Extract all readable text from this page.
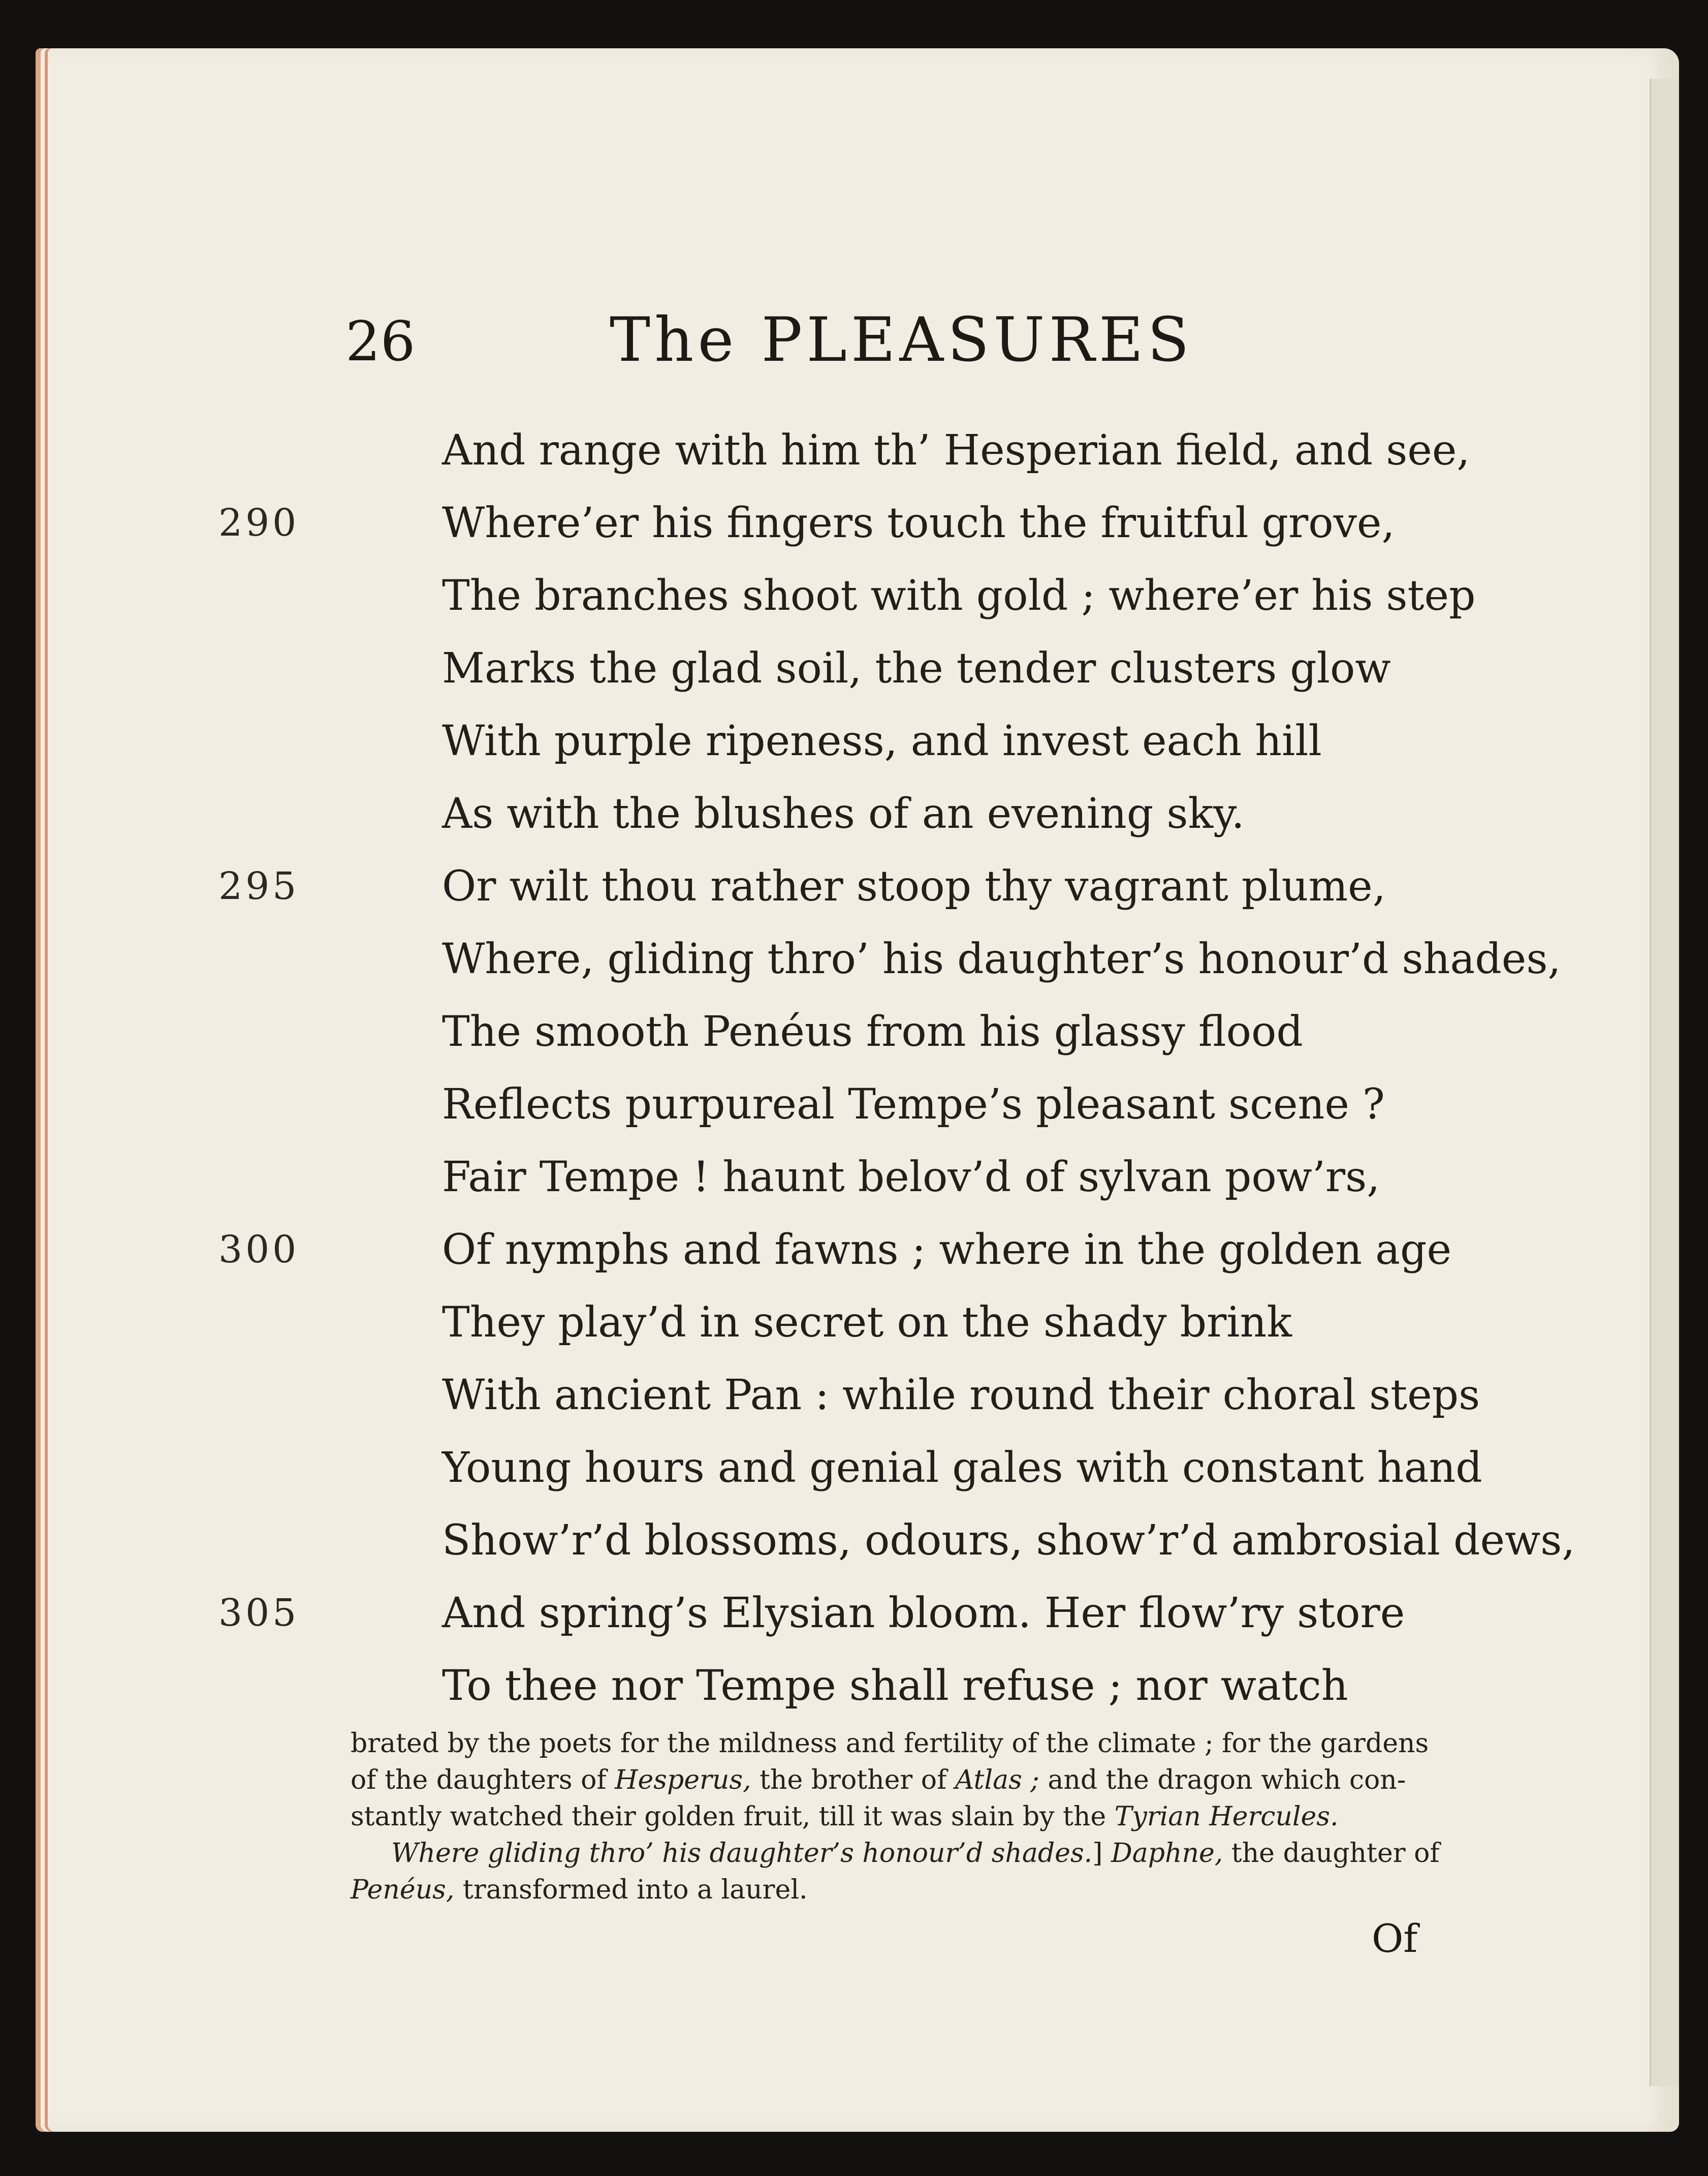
26	The PLEASURES
And range with him th’ Hesperian field, and see,
290	Where’er his fingers touch the fruitful grove,
The branches shoot with gold ; where’er his step
Marks the glad soil, the tender clusters glow
With purple ripeness, and invest each hill
As with the blushes of an evening sky.
295	Or wilt thou rather stoop thy vagrant plume,
Where, gliding thro’ his daughter’s honour’d shades,
The smooth Penéus from his glassy flood
Reflects purpureal Tempe’s pleasant scene ?
Fair Tempe ! haunt belov’d of sylvan pow’rs,
300	Of nymphs and fawns ; where in the golden age
They play’d in secret on the shady brink
With ancient Pan : while round their choral steps
Young hours and genial gales with constant hand
Show’r’d blossoms, odours, show’r’d ambrosial dews,
305	And spring’s Elysian bloom. Her flow’ry store
To thee nor Tempe shall refuse ; nor watch
brated by the poets for the mildness and fertility of the climate ; for the gardens
of the daughters of Hesperus, the brother of Atlas ; and the dragon which con-
stantly watched their golden fruit, till it was slain by the Tyrian Hercules.
Where gliding thro’ his daughter’s honour’d shades.] Daphne, the daughter of
Penéus, transformed into a laurel.
Of
